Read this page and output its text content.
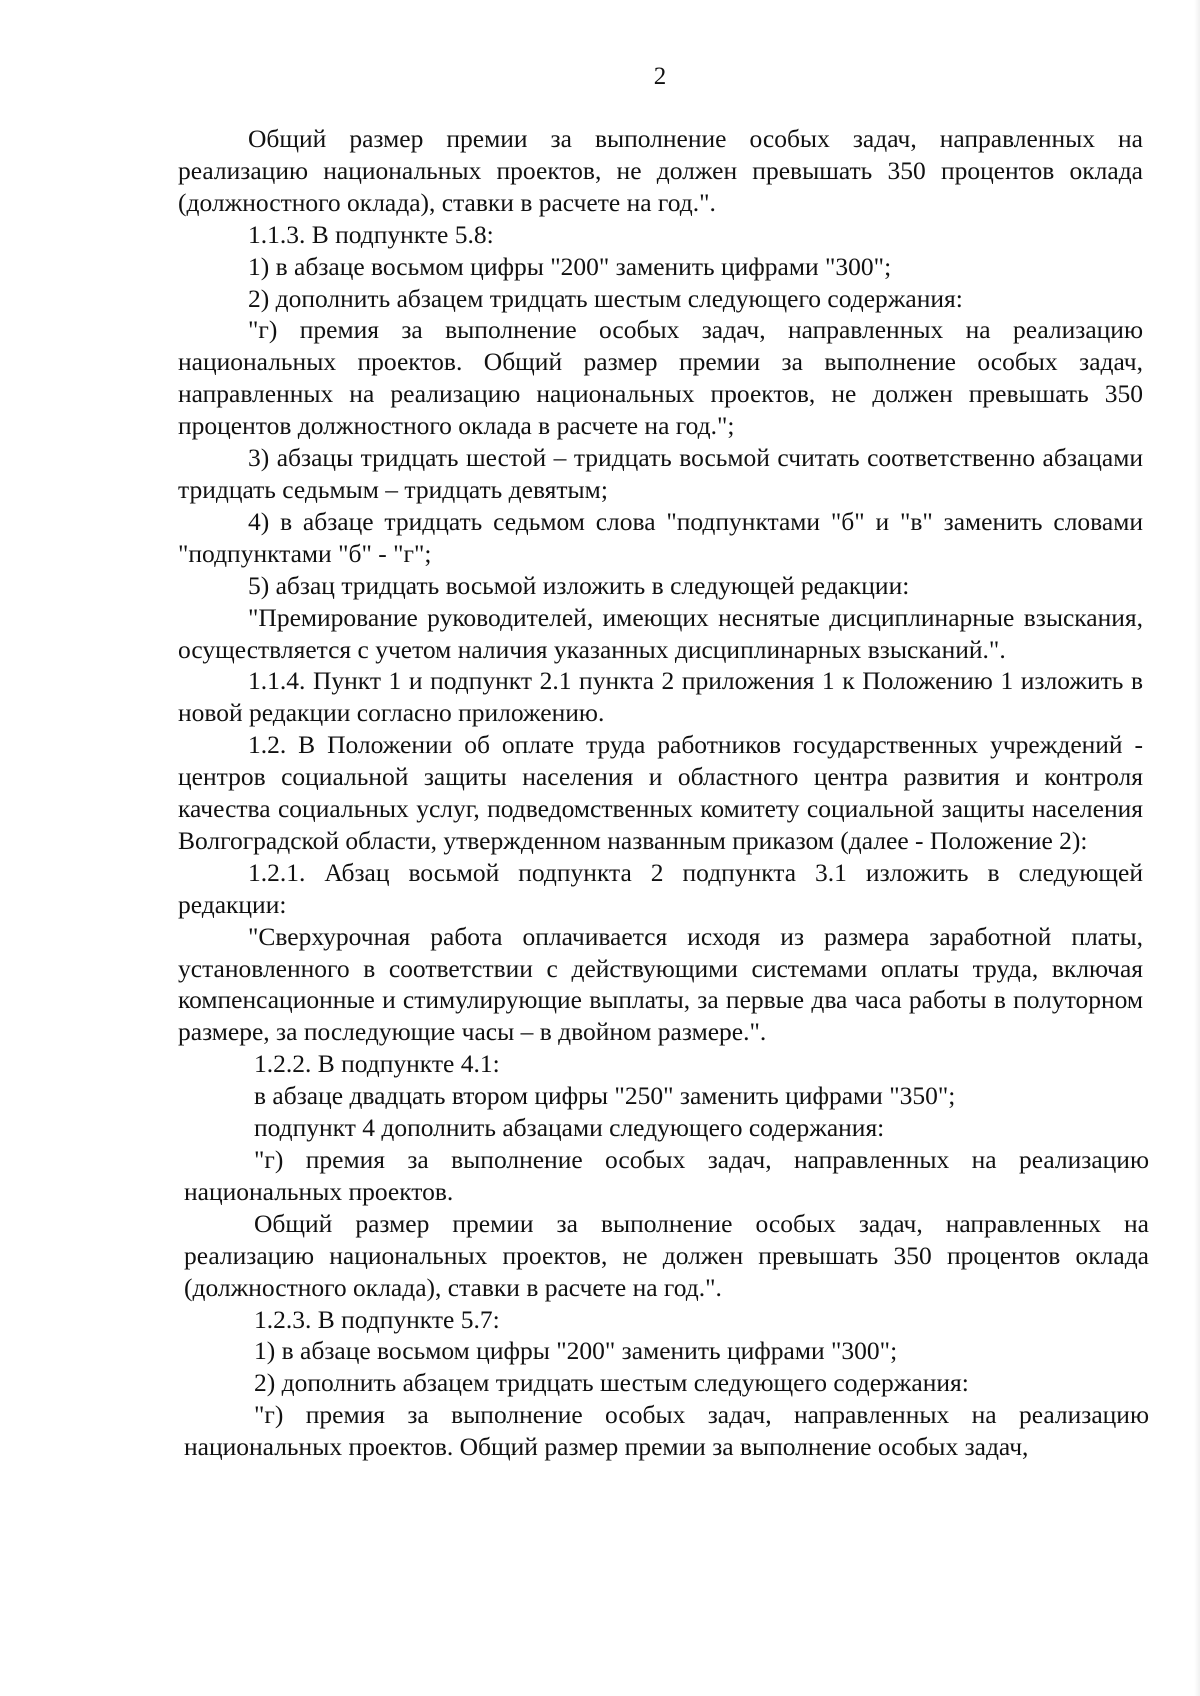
2

Общий размер премии за выполнение особых задач, направленных на реализацию национальных проектов, не должен превышать 350 процентов оклада (должностного оклада), ставки в расчете на год.".

1.1.3. В подпункте 5.8:

1) в абзаце восьмом цифры "200" заменить цифрами "300";

2) дополнить абзацем тридцать шестым следующего содержания:

"г) премия за выполнение особых задач, направленных на реализацию национальных проектов. Общий размер премии за выполнение особых задач, направленных на реализацию национальных проектов, не должен превышать 350 процентов должностного оклада в расчете на год.";

3) абзацы тридцать шестой – тридцать восьмой считать соответственно абзацами тридцать седьмым – тридцать девятым;

4) в абзаце тридцать седьмом слова "подпунктами "б" и "в" заменить словами "подпунктами "б" - "г";

5) абзац тридцать восьмой изложить в следующей редакции:

"Премирование руководителей, имеющих неснятые дисциплинарные взыскания, осуществляется с учетом наличия указанных дисциплинарных взысканий.".

1.1.4. Пункт 1 и подпункт 2.1 пункта 2 приложения 1 к Положению 1 изложить в новой редакции согласно приложению.

1.2. В Положении об оплате труда работников государственных учреждений - центров социальной защиты населения и областного центра развития и контроля качества социальных услуг, подведомственных комитету социальной защиты населения Волгоградской области, утвержденном названным приказом (далее - Положение 2):

1.2.1. Абзац восьмой подпункта 2 подпункта 3.1 изложить в следующей редакции:

"Сверхурочная работа оплачивается исходя из размера заработной платы, установленного в соответствии с действующими системами оплаты труда, включая компенсационные и стимулирующие выплаты, за первые два часа работы в полуторном размере, за последующие часы – в двойном размере.".

1.2.2. В подпункте 4.1:

в абзаце двадцать втором цифры "250" заменить цифрами "350";

подпункт 4 дополнить абзацами следующего содержания:

"г) премия за выполнение особых задач, направленных на реализацию национальных проектов.

Общий размер премии за выполнение особых задач, направленных на реализацию национальных проектов, не должен превышать 350 процентов оклада (должностного оклада), ставки в расчете на год.".

1.2.3. В подпункте 5.7:

1) в абзаце восьмом цифры "200" заменить цифрами "300";

2) дополнить абзацем тридцать шестым следующего содержания:

"г) премия за выполнение особых задач, направленных на реализацию национальных проектов. Общий размер премии за выполнение особых задач,
